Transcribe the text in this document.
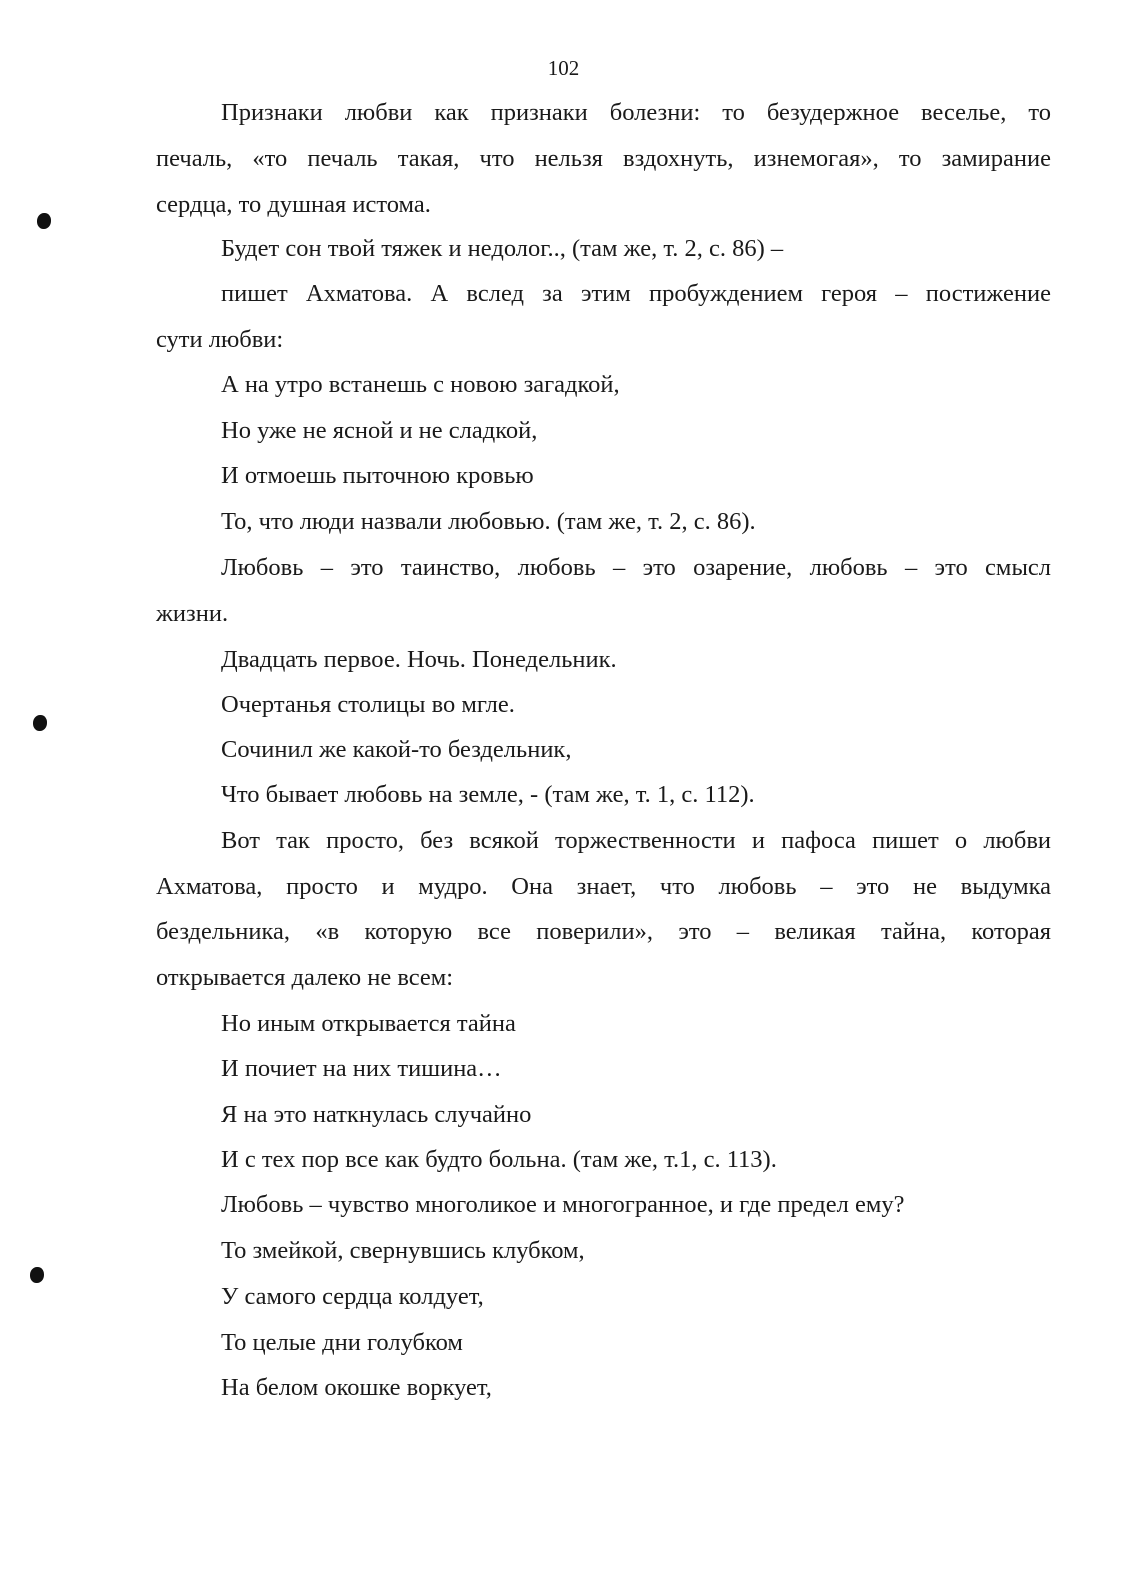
102
Признаки любви как признаки болезни: то безудержное веселье, то
печаль, «то печаль такая, что нельзя вздохнуть, изнемогая», то замирание
сердца, то душная истома.
Будет сон твой тяжек и недолог.., (там же, т. 2, с. 86) –
пишет Ахматова. А вслед за этим пробуждением героя – постижение
сути любви:
А на утро встанешь с новою загадкой,
Но уже не ясной и не сладкой,
И отмоешь пыточною кровью
То, что люди назвали любовью. (там же, т. 2, с. 86).
Любовь – это таинство, любовь – это озарение, любовь – это смысл
жизни.
Двадцать первое. Ночь. Понедельник.
Очертанья столицы во мгле.
Сочинил же какой-то бездельник,
Что бывает любовь на земле, - (там же, т. 1, с. 112).
Вот так просто, без всякой торжественности и пафоса пишет о любви
Ахматова, просто и мудро. Она знает, что любовь – это не выдумка
бездельника, «в которую все поверили», это – великая тайна, которая
открывается далеко не всем:
Но иным открывается тайна
И почиет на них тишина…
Я на это наткнулась случайно
И с тех пор все как будто больна. (там же, т.1, с. 113).
Любовь – чувство многоликое и многогранное, и где предел ему?
То змейкой, свернувшись клубком,
У самого сердца колдует,
То целые дни голубком
На белом окошке воркует,
